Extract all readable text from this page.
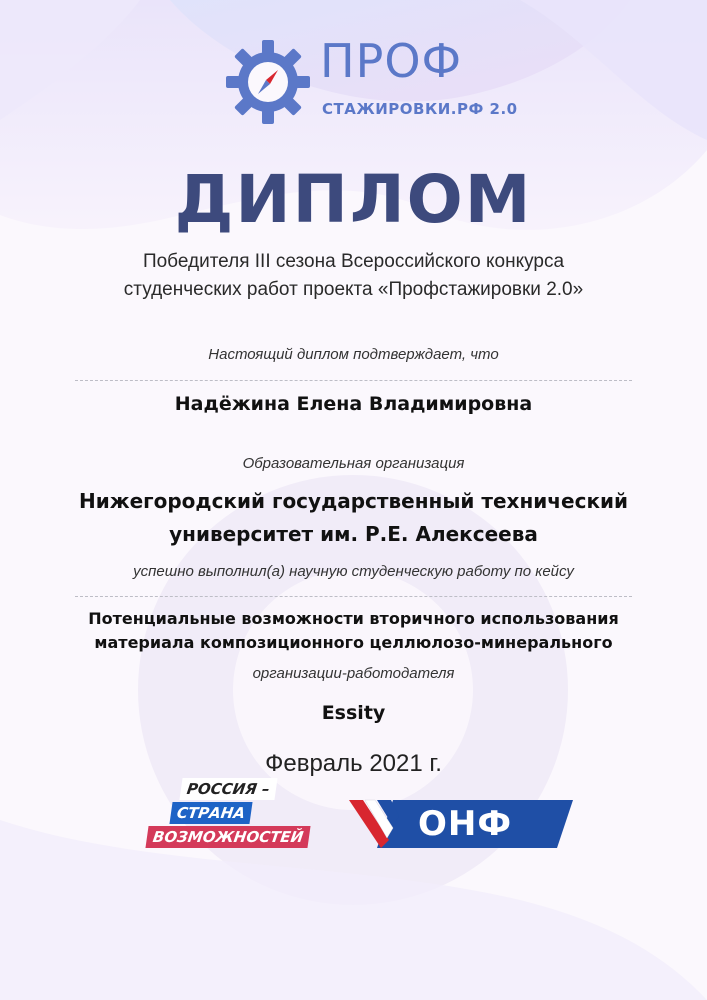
ПРОФ
СТАЖИРОВКИ.РФ 2.0
ДИПЛОМ
Победителя III сезона Всероссийского конкурса
студенческих работ проекта «Профстажировки 2.0»
Настоящий диплом подтверждает, что
Надёжина Елена Владимировна
Образовательная организация
Нижегородский государственный технический
университет им. Р.Е. Алексеева
успешно выполнил(а) научную студенческую работу по кейсу
Потенциальные возможности вторичного использования
материала композиционного целлюлозо-минерального
организации-работодателя
Essity
Февраль 2021 г.
РОССИЯ –
СТРАНА
ВОЗМОЖНОСТЕЙ	ОНФ
